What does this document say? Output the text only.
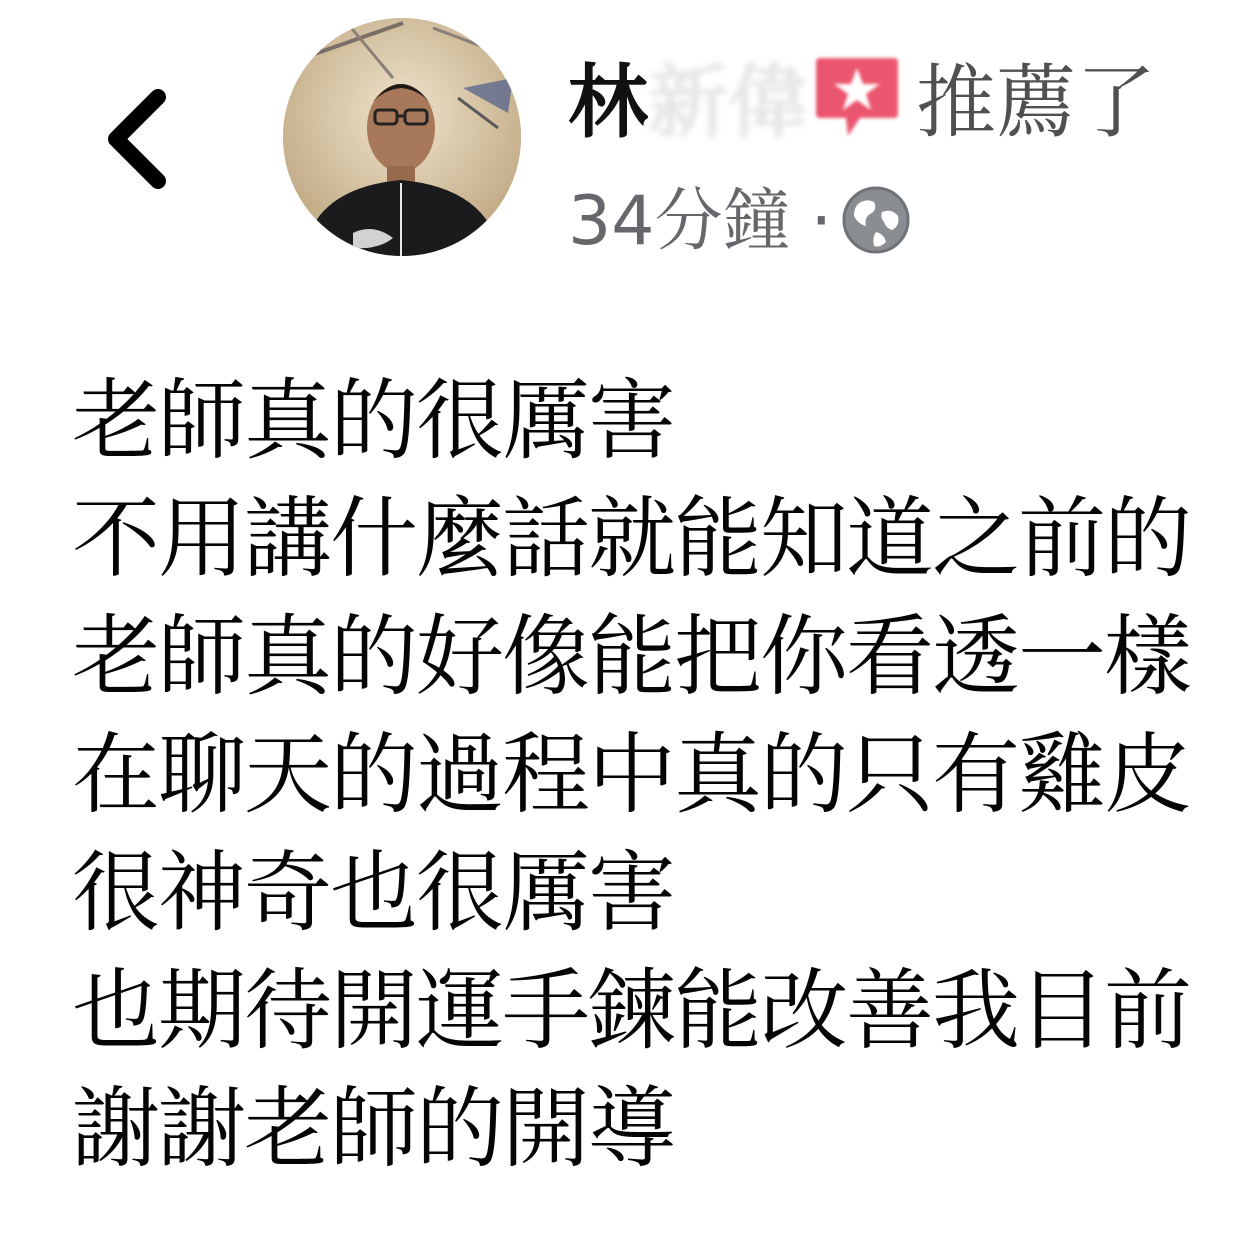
林新偉 推薦了
34分鐘 ·
老師真的很厲害
不用講什麼話就能知道之前的
老師真的好像能把你看透一樣
在聊天的過程中真的只有雞皮
很神奇也很厲害
也期待開運手鍊能改善我目前
謝謝老師的開導
